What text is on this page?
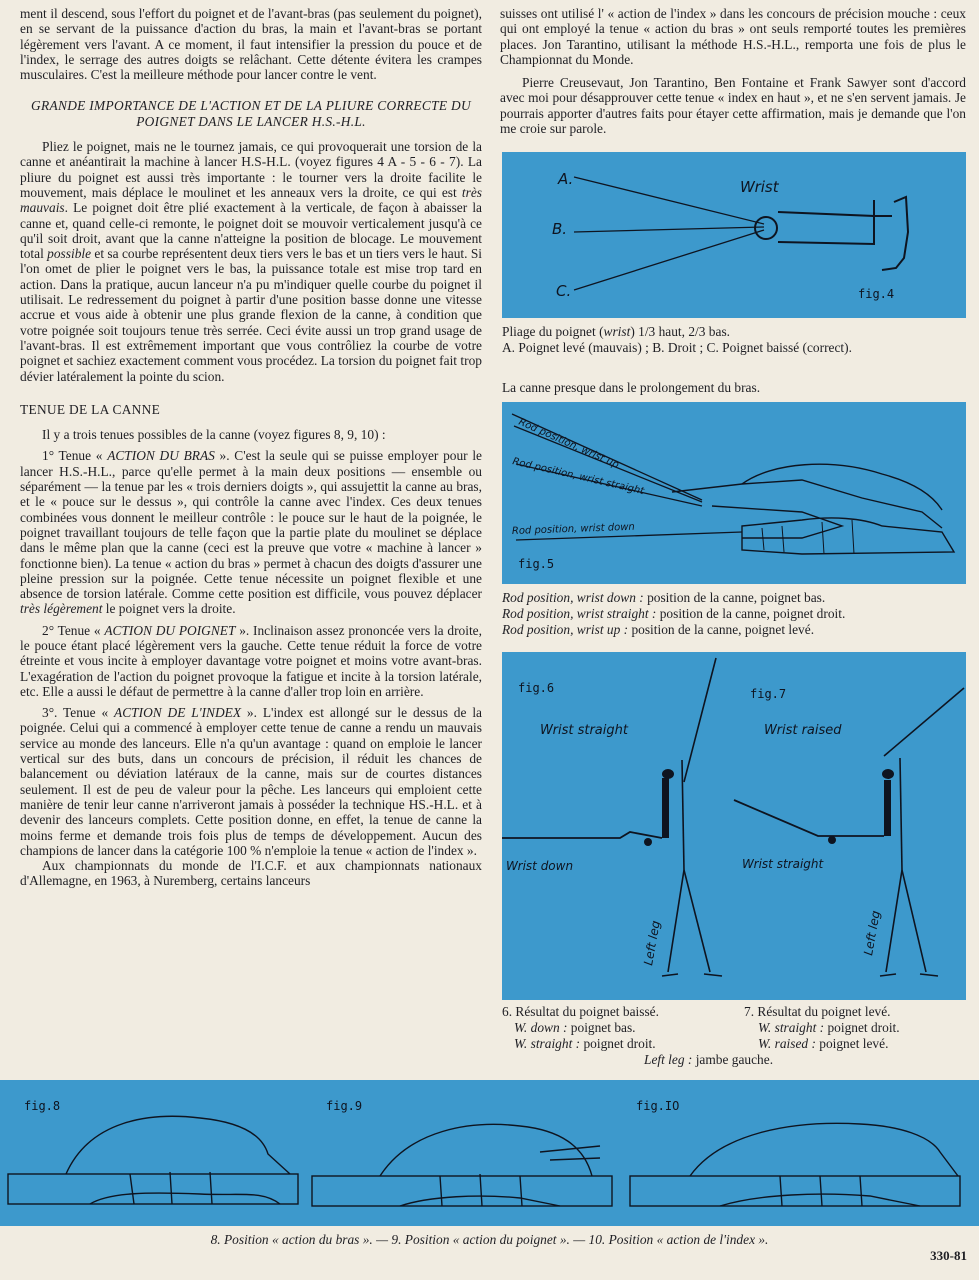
ment il descend, sous l'effort du poignet et de l'avant-bras (pas seulement du poignet), en se servant de la puissance d'action du bras, la main et l'avant-bras se portant légèrement vers l'avant. A ce moment, il faut intensifier la pression du pouce et de l'index, le serrage des autres doigts se relâchant. Cette détente évitera les crampes musculaires. C'est la meilleure méthode pour lancer contre le vent.

GRANDE IMPORTANCE DE L'ACTION ET DE LA PLIURE CORRECTE DU POIGNET DANS LE LANCER H.S.-H.L.

Pliez le poignet, mais ne le tournez jamais, ce qui provoquerait une torsion de la canne et anéantirait la machine à lancer H.S-H.L. (voyez figures 4 A - 5 - 6 - 7). La pliure du poignet est aussi très importante : le tourner vers la droite facilite le mouvement, mais déplace le moulinet et les anneaux vers la droite, ce qui est très mauvais. Le poignet doit être plié exactement à la verticale, de façon à abaisser la canne et, quand celle-ci remonte, le poignet doit se mouvoir verticalement jusqu'à ce qu'il soit droit, avant que la canne n'atteigne la position de blocage. Le mouvement total possible et sa courbe représentent deux tiers vers le bas et un tiers vers le haut. Si l'on omet de plier le poignet vers le bas, la puissance totale est mise trop tard en action. Dans la pratique, aucun lanceur n'a pu m'indiquer quelle courbe du poignet il utilisait. Le redressement du poignet à partir d'une position basse donne une vitesse accrue et vous aide à obtenir une plus grande flexion de la canne, à condition que votre poignée soit toujours tenue très serrée. Ceci évite aussi un trop grand usage de l'avant-bras. Il est extrêmement important que vous contrôliez la courbe de votre poignet et sachiez exactement comment vous procédez. La torsion du poignet fait trop dévier latéralement la pointe du scion.

TENUE DE LA CANNE

Il y a trois tenues possibles de la canne (voyez figures 8, 9, 10) :

1° Tenue « ACTION DU BRAS ». C'est la seule qui se puisse employer pour le lancer H.S.-H.L., parce qu'elle permet à la main deux positions — ensemble ou séparément — la tenue par les « trois derniers doigts », qui assujettit la canne au bras, et le « pouce sur le dessus », qui contrôle la canne avec l'index. Ces deux tenues combinées vous donnent le meilleur contrôle : le pouce sur le haut de la poignée, le poignet travaillant toujours de telle façon que la partie plate du moulinet se déplace dans le même plan que la canne (ceci est la preuve que votre « machine à lancer » fonctionne bien). La tenue « action du bras » permet à chacun des doigts d'assurer une pleine pression sur la poignée. Cette tenue nécessite un poignet flexible et une absence de torsion latérale. Comme cette position est difficile, vous pouvez déplacer très légèrement le poignet vers la droite.

2° Tenue « ACTION DU POIGNET ». Inclinaison assez prononcée vers la droite, le pouce étant placé légèrement vers la gauche. Cette tenue réduit la force de votre étreinte et vous incite à employer davantage votre poignet et moins votre avant-bras. L'exagération de l'action du poignet provoque la fatigue et incite à la torsion latérale, etc. Elle a aussi le défaut de permettre à la canne d'aller trop loin en arrière.

3°. Tenue « ACTION DE L'INDEX ». L'index est allongé sur le dessus de la poignée. Celui qui a commencé à employer cette tenue de canne a rendu un mauvais service au monde des lanceurs. Elle n'a qu'un avantage : quand on emploie le lancer vertical sur des buts, dans un concours de précision, il réduit les chances de balancement ou déviation latéraux de la canne, mais sur de courtes distances seulement. Il est de peu de valeur pour la pêche. Les lanceurs qui emploient cette manière de tenir leur canne n'arriveront jamais à posséder la technique HS.-H.L. et à devenir des lanceurs complets. Cette position donne, en effet, la tenue de canne la moins ferme et demande trois fois plus de temps de développement. Aucun des champions de lancer dans la catégorie 100 % n'emploie la tenue « action de l'index ».

Aux championnats du monde de l'I.C.F. et aux championnats nationaux d'Allemagne, en 1963, à Nuremberg, certains lanceurs

suisses ont utilisé l' « action de l'index » dans les concours de précision mouche : ceux qui ont employé la tenue « action du bras » ont seuls remporté toutes les premières places. Jon Tarantino, utilisant la méthode H.S.-H.L., remporta une fois de plus le Championnat du Monde.

Pierre Creusevaut, Jon Tarantino, Ben Fontaine et Frank Sawyer sont d'accord avec moi pour désapprouver cette tenue « index en haut », et ne s'en servent jamais. Je pourrais apporter d'autres faits pour étayer cette affirmation, mais je demande que l'on me croie sur parole.

A.
B.
C.
Wrist
fig.4
Pliage du poignet (wrist) 1/3 haut, 2/3 bas.
A. Poignet levé (mauvais) ; B. Droit ; C. Poignet baissé (correct).
La canne presque dans le prolongement du bras.
Rod position, wrist up
Rod position, wrist straight
Rod position, wrist down
fig.5
Rod position, wrist down : position de la canne, poignet bas.
Rod position, wrist straight : position de la canne, poignet droit.
Rod position, wrist up : position de la canne, poignet levé.
fig.6	fig.7
Wrist straight	Wrist raised
Wrist down
Left leg
Wrist straight
Left leg
6. Résultat du poignet baissé.
W. down : poignet bas.
W. straight : poignet droit.
7. Résultat du poignet levé.
W. straight : poignet droit.
W. raised : poignet levé.
Left leg : jambe gauche.
fig.8	fig.9	fig.IO
8. Position « action du bras ». — 9. Position « action du poignet ». — 10. Position « action de l'index ».
330-81
